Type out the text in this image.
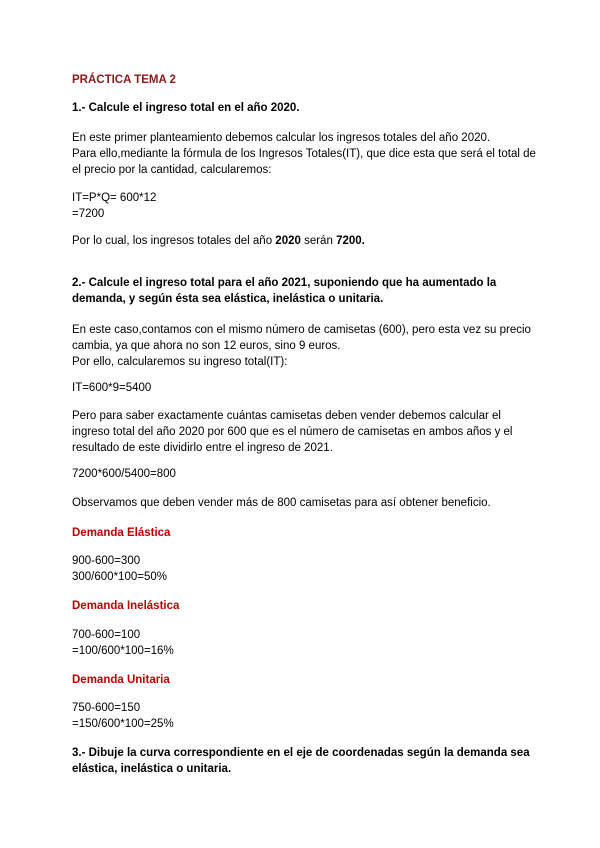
PRÁCTICA TEMA 2
1.- Calcule el ingreso total en el año 2020.
En este primer planteamiento debemos calcular los ingresos totales del año 2020.
Para ello,mediante la fórmula de los Ingresos Totales(IT), que dice esta que será el total de
el precio por la cantidad, calcularemos:
IT=P*Q= 600*12
=7200
Por lo cual, los ingresos totales del año 2020 serán 7200.
2.- Calcule el ingreso total para el año 2021, suponiendo que ha aumentado la
demanda, y según ésta sea elástica, inelástica o unitaria.
En este caso,contamos con el mismo número de camisetas (600), pero esta vez su precio
cambia, ya que ahora no son 12 euros, sino 9 euros.
Por ello, calcularemos su ingreso total(IT):
IT=600*9=5400
Pero para saber exactamente cuántas camisetas deben vender debemos calcular el
ingreso total del año 2020 por 600 que es el número de camisetas en ambos años y el
resultado de este dividirlo entre el ingreso de 2021.
7200*600/5400=800
Observamos que deben vender más de 800 camisetas para así obtener beneficio.
Demanda Elástica
900-600=300
300/600*100=50%
Demanda Inelástica
700-600=100
=100/600*100=16%
Demanda Unitaria
750-600=150
=150/600*100=25%
3.- Dibuje la curva correspondiente en el eje de coordenadas según la demanda sea
elástica, inelástica o unitaria.
